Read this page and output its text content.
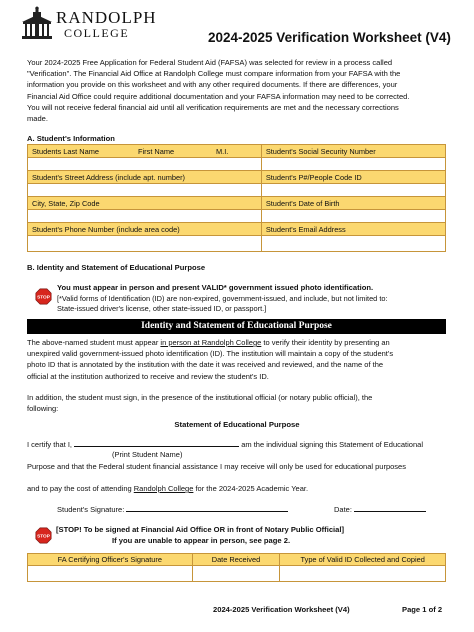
RANDOLPH
COLLEGE	2024-2025 Verification Worksheet (V4)
Your 2024-2025 Free Application for Federal Student Aid (FAFSA) was selected for review in a process called
"Verification". The Financial Aid Office at Randolph College must compare information from your FAFSA with the
information you provide on this worksheet and with any other required documents. If there are differences, your
Financial Aid Office could require additional documentation and your FAFSA information may need to be corrected.
You will not receive federal financial aid until all verification requirements are met and the necessary corrections
made.
A. Student's Information
Students Last Name First Name M.I.	Student's Social Security Number

Student's Street Address (include apt. number)	Student's P#/People Code ID

City, State, Zip Code	Student's Date of Birth

Student's Phone Number (include area code)	Student's Email Address

B. Identity and Statement of Educational Purpose
STOP
You must appear in person and present VALID* government issued photo identification.
[*Valid forms of Identification (ID) are non-expired, government-issued, and include, but not limited to:
State-issued driver's license, other state-issued ID, or passport.]
Identity and Statement of Educational Purpose
The above-named student must appear in person at Randolph College to verify their identity by presenting an
unexpired valid government-issued photo identification (ID). The institution will maintain a copy of the student's
photo ID that is annotated by the institution with the date it was received and reviewed, and the name of the
official at the institution authorized to receive and review the student's ID.
In addition, the student must sign, in the presence of the institutional official (or notary public official), the
following:
Statement of Educational Purpose
I certify that I,	am the individual signing this Statement of Educational
(Print Student Name)
Purpose and that the Federal student financial assistance I may receive will only be used for educational purposes
and to pay the cost of attending Randolph College for the 2024-2025 Academic Year.
Student's Signature:	Date:
STOP
[STOP! To be signed at Financial Aid Office OR in front of Notary Public Official]
If you are unable to appear in person, see page 2.
FA Certifying Officer's Signature	Date Received	Type of Valid ID Collected and Copied

2024-2025 Verification Worksheet (V4)	Page 1 of 2
